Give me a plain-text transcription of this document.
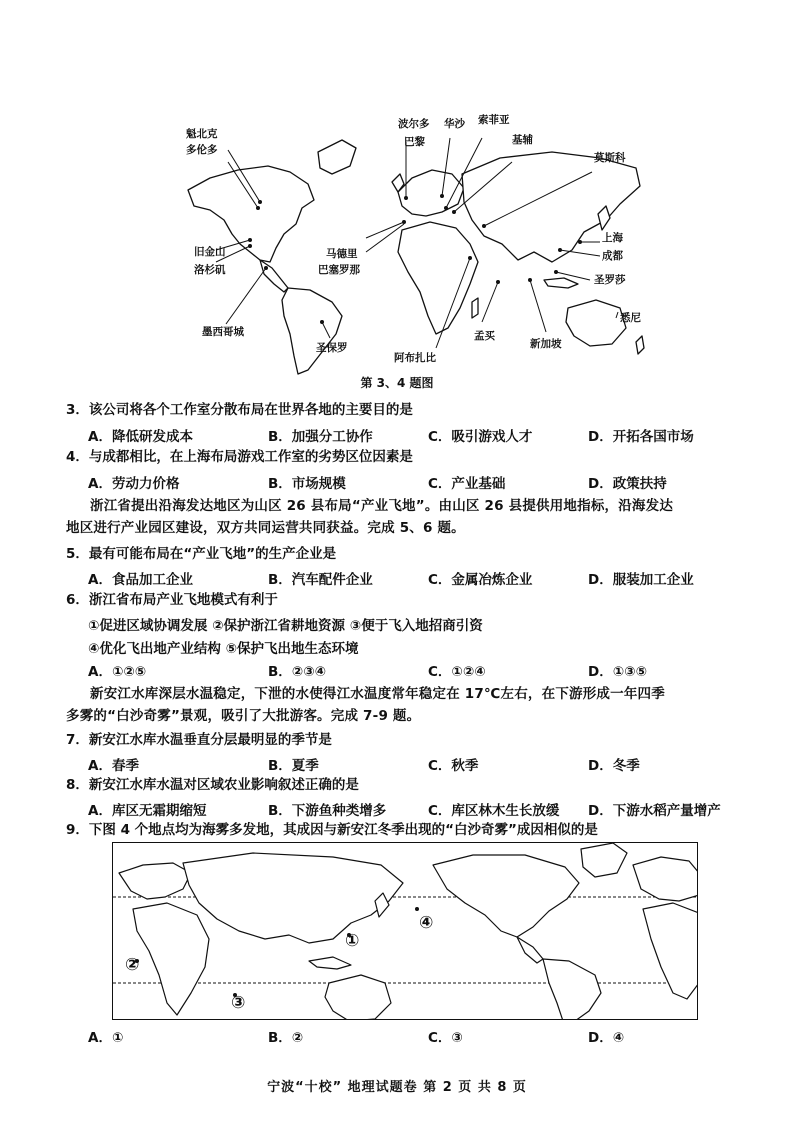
魁北克
多伦多
旧金山
洛杉矶
墨西哥城
圣保罗
马德里
巴塞罗那
波尔多
巴黎
华沙 索菲亚
基辅
莫斯科
阿布扎比
孟买
新加坡
上海
成都
圣罗莎
悉尼
第 3、4 题图
3．该公司将各个工作室分散布局在世界各地的主要目的是
A．降低研发成本	B．加强分工协作	C．吸引游戏人才	D．开拓各国市场
4．与成都相比，在上海布局游戏工作室的劣势区位因素是
A．劳动力价格	B．市场规模	C．产业基础	D．政策扶持
浙江省提出沿海发达地区为山区 26 县布局“产业飞地”。由山区 26 县提供用地指标，沿海发达
地区进行产业园区建设，双方共同运营共同获益。完成 5、6 题。
5．最有可能布局在“产业飞地”的生产企业是
A．食品加工企业	B．汽车配件企业	C．金属冶炼企业	D．服装加工企业
6．浙江省布局产业飞地模式有利于
①促进区域协调发展 ②保护浙江省耕地资源 ③便于飞入地招商引资
④优化飞出地产业结构 ⑤保护飞出地生态环境
A．①②⑤	B．②③④	C．①②④	D．①③⑤
新安江水库深层水温稳定，下泄的水使得江水温度常年稳定在 17℃左右，在下游形成一年四季
多雾的“白沙奇雾”景观，吸引了大批游客。完成 7-9 题。
7．新安江水库水温垂直分层最明显的季节是
A．春季	B．夏季	C．秋季	D．冬季
8．新安江水库水温对区域农业影响叙述正确的是
A．库区无霜期缩短	B．下游鱼种类增多	C．库区林木生长放缓 D．下游水稻产量增产
9．下图 4 个地点均为海雾多发地，其成因与新安江冬季出现的“白沙奇雾”成因相似的是
①
②
③
④
A．①	B．②	C．③	D．④
宁波“十校” 地理试题卷 第 2 页 共 8 页
